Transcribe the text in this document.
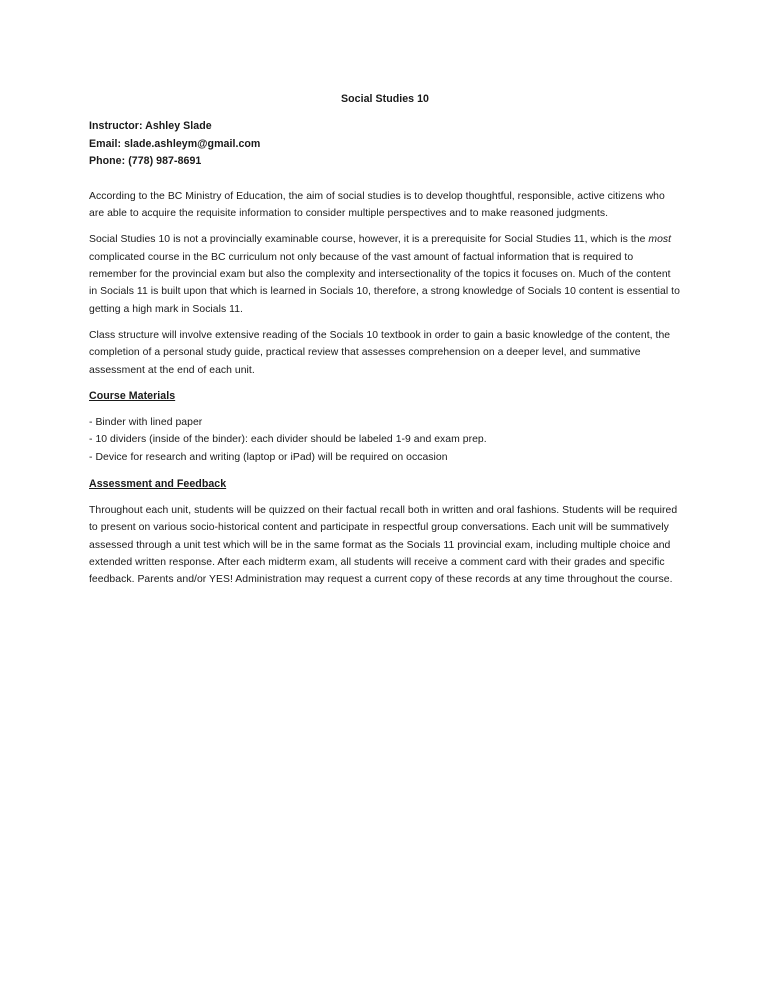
Social Studies 10
Instructor: Ashley Slade
Email: slade.ashleym@gmail.com
Phone: (778) 987-8691

According to the BC Ministry of Education, the aim of social studies is to develop thoughtful, responsible, active citizens who are able to acquire the requisite information to consider multiple perspectives and to make reasoned judgments.

Social Studies 10 is not a provincially examinable course, however, it is a prerequisite for Social Studies 11, which is the most complicated course in the BC curriculum not only because of the vast amount of factual information that is required to remember for the provincial exam but also the complexity and intersectionality of the topics it focuses on. Much of the content in Socials 11 is built upon that which is learned in Socials 10, therefore, a strong knowledge of Socials 10 content is essential to getting a high mark in Socials 11.

Class structure will involve extensive reading of the Socials 10 textbook in order to gain a basic knowledge of the content, the completion of a personal study guide, practical review that assesses comprehension on a deeper level, and summative assessment at the end of each unit.

Course Materials
- Binder with lined paper
- 10 dividers (inside of the binder): each divider should be labeled 1-9 and exam prep.
- Device for research and writing (laptop or iPad) will be required on occasion
Assessment and Feedback

Throughout each unit, students will be quizzed on their factual recall both in written and oral fashions. Students will be required to present on various socio-historical content and participate in respectful group conversations. Each unit will be summatively assessed through a unit test which will be in the same format as the Socials 11 provincial exam, including multiple choice and extended written response. After each midterm exam, all students will receive a comment card with their grades and specific feedback. Parents and/or YES! Administration may request a current copy of these records at any time throughout the course.
